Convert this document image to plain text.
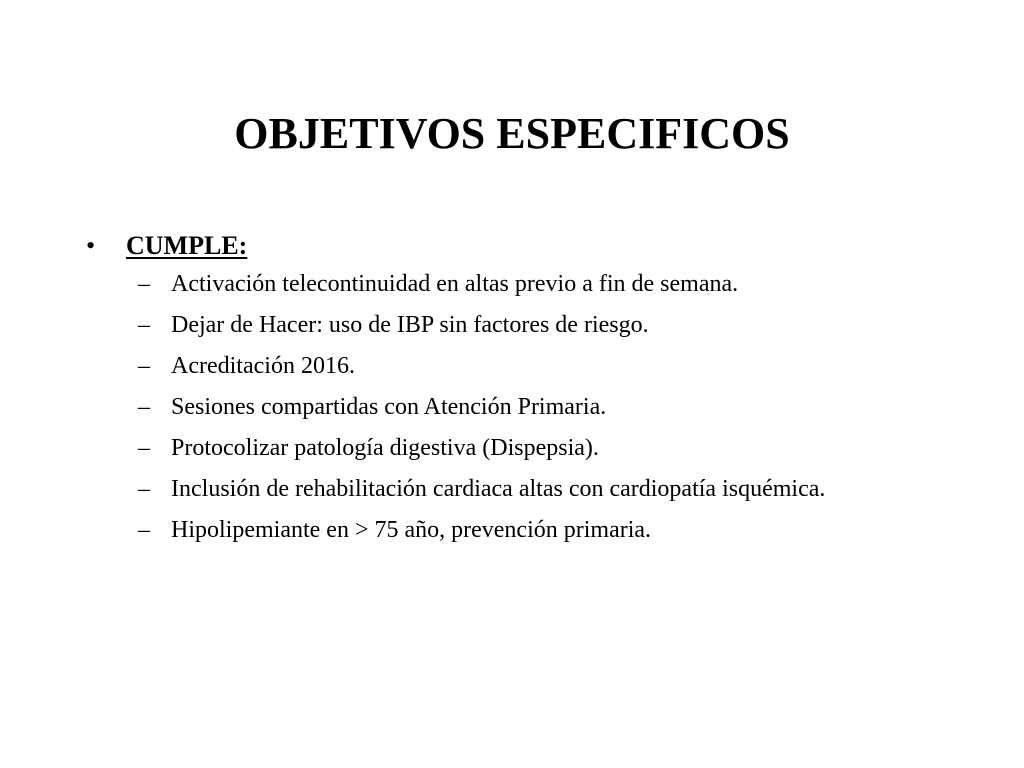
OBJETIVOS ESPECIFICOS
•	CUMPLE:
– Activación telecontinuidad en altas previo a fin de semana.
– Dejar de Hacer: uso de IBP sin factores de riesgo.
– Acreditación 2016.
– Sesiones compartidas con Atención Primaria.
– Protocolizar patología digestiva (Dispepsia).
– Inclusión de rehabilitación cardiaca altas con cardiopatía isquémica.
– Hipolipemiante en > 75 año, prevención primaria.
